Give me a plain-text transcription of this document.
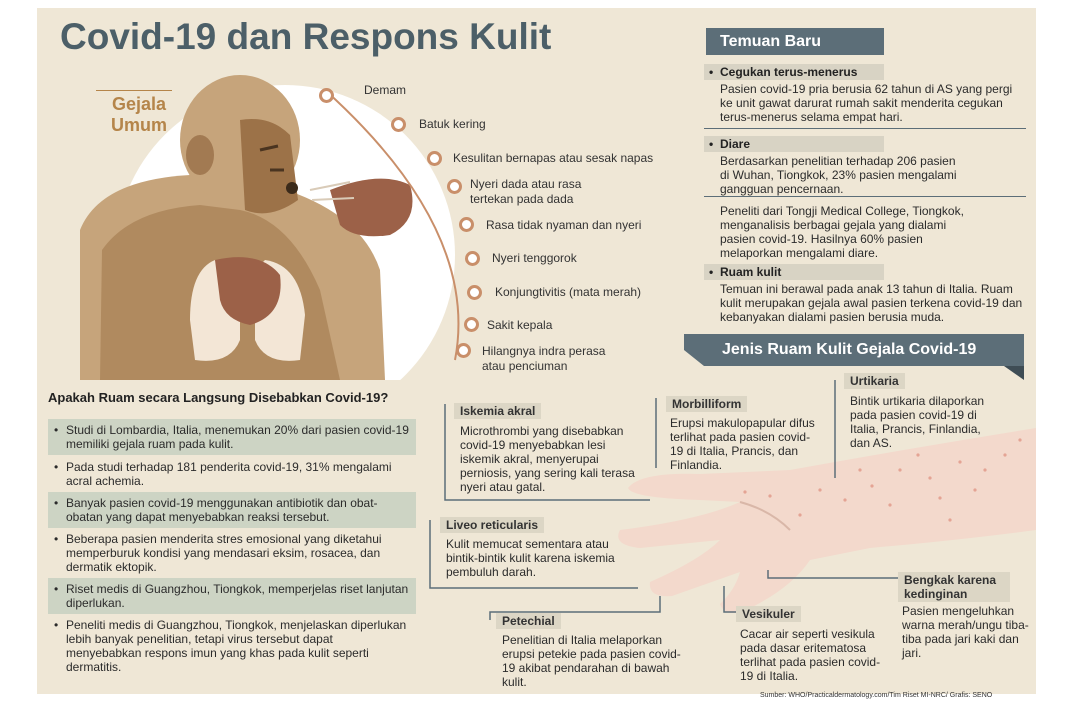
Covid-19 dan Respons Kulit
Gejala
Umum
Demam
Batuk kering
Kesulitan bernapas atau sesak napas
Nyeri dada atau rasa tertekan pada dada
Rasa tidak nyaman dan nyeri
Nyeri tenggorok
Konjungtivitis (mata merah)
Sakit kepala
Hilangnya indra perasa atau penciuman
Temuan Baru
• Cegukan terus-menerus
Pasien covid-19 pria berusia 62 tahun di AS yang pergi ke unit gawat darurat rumah sakit menderita cegukan terus-menerus selama empat hari.
• Diare
Berdasarkan penelitian terhadap 206 pasien di Wuhan, Tiongkok, 23% pasien mengalami gangguan pencernaan.
Peneliti dari Tongji Medical College, Tiongkok, menganalisis berbagai gejala yang dialami pasien covid-19. Hasilnya 60% pasien melaporkan mengalami diare.
• Ruam kulit
Temuan ini berawal pada anak 13 tahun di Italia. Ruam kulit merupakan gejala awal pasien terkena covid-19 dan kebanyakan dialami pasien berusia muda.
Jenis Ruam Kulit Gejala Covid-19
Apakah Ruam secara Langsung Disebabkan Covid-19?
• Studi di Lombardia, Italia, menemukan 20% dari pasien covid-19 memiliki gejala ruam pada kulit.
• Pada studi terhadap 181 penderita covid-19, 31% mengalami acral achemia.
• Banyak pasien covid-19 menggunakan antibiotik dan obat-obatan yang dapat menyebabkan reaksi tersebut.
• Beberapa pasien menderita stres emosional yang diketahui memperburuk kondisi yang mendasari eksim, rosacea, dan dermatik ektopik.
• Riset medis di Guangzhou, Tiongkok, memperjelas riset lanjutan diperlukan.
• Peneliti medis di Guangzhou, Tiongkok, menjelaskan diperlukan lebih banyak penelitian, tetapi virus tersebut dapat menyebabkan respons imun yang khas pada kulit seperti dermatitis.
Iskemia akral
Microthrombi yang disebabkan covid-19 menyebabkan lesi iskemik akral, menyerupai perniosis, yang sering kali terasa nyeri atau gatal.
Morbilliform
Erupsi makulopapular difus terlihat pada pasien covid-19 di Italia, Prancis, dan Finlandia.
Urtikaria
Bintik urtikaria dilaporkan pada pasien covid-19 di Italia, Prancis, Finlandia, dan AS.
Liveo reticularis
Kulit memucat sementara atau bintik-bintik kulit karena iskemia pembuluh darah.
Bengkak karena kedinginan
Pasien mengeluhkan warna merah/ungu tiba-tiba pada jari kaki dan jari.
Vesikuler
Cacar air seperti vesikula pada dasar eritematosa terlihat pada pasien covid-19 di Italia.
Petechial
Penelitian di Italia melaporkan erupsi petekie pada pasien covid-19 akibat pendarahan di bawah kulit.
Sumber: WHO/Practicaldermatology.com/Tim Riset MI-NRC/ Grafis: SENO
